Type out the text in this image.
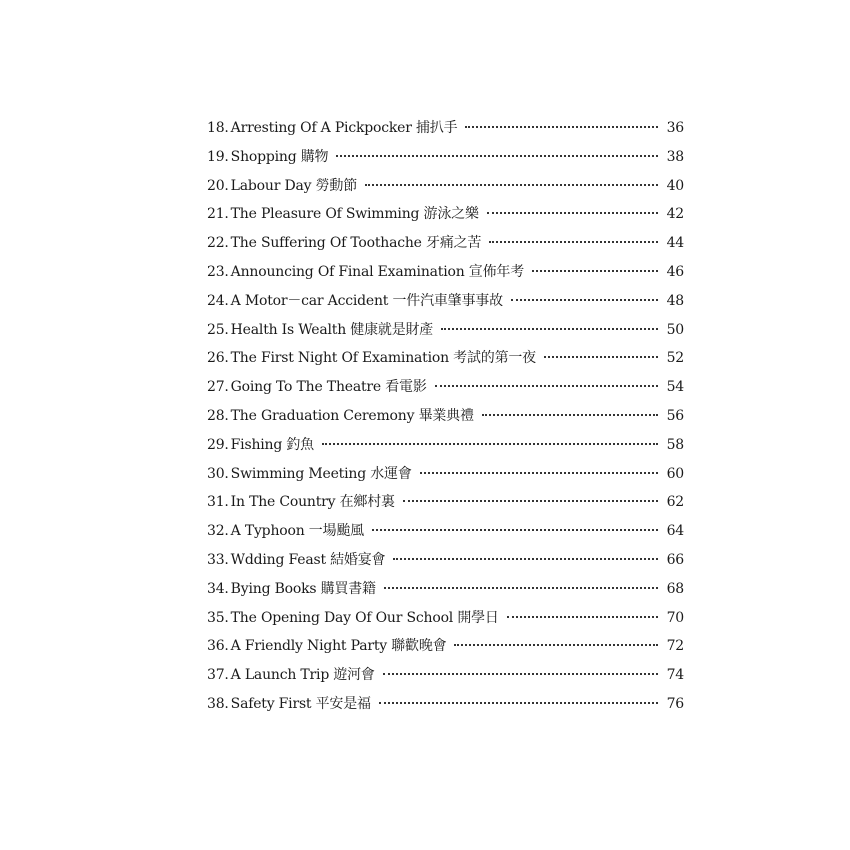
18. Arresting Of A Pickpocker 捕扒手	36
19. Shopping 購物	38
20. Labour Day 勞動節	40
21. The Pleasure Of Swimming 游泳之樂	42
22. The Suffering Of Toothache 牙痛之苦	44
23. Announcing Of Final Examination 宣佈年考	46
24. A Motor－car Accident 一件汽車肇事事故	48
25. Health Is Wealth 健康就是財產	50
26. The First Night Of Examination 考試的第一夜	52
27. Going To The Theatre 看電影	54
28. The Graduation Ceremony 畢業典禮	56
29. Fishing 釣魚	58
30. Swimming Meeting 水運會	60
31. In The Country 在鄉村裏	62
32. A Typhoon 一場颱風	64
33. Wdding Feast 結婚宴會	66
34. Bying Books 購買書籍	68
35. The Opening Day Of Our School 開學日	70
36. A Friendly Night Party 聯歡晚會	72
37. A Launch Trip 遊河會	74
38. Safety First 平安是福	76
